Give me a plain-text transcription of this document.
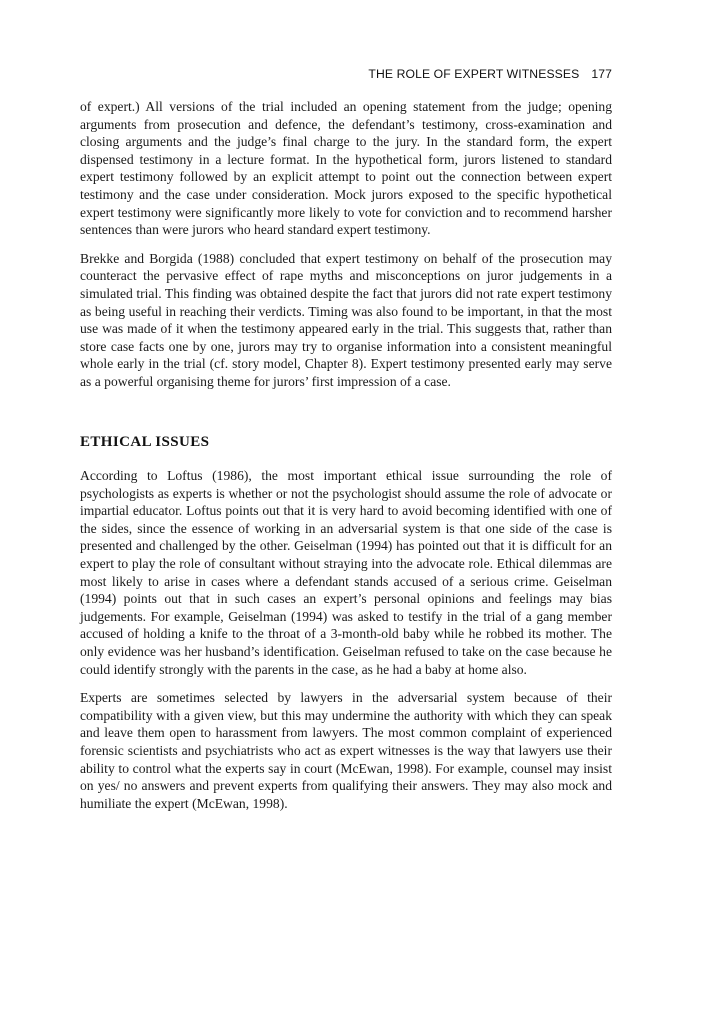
THE ROLE OF EXPERT WITNESSES 177

of expert.) All versions of the trial included an opening statement from the judge; opening arguments from prosecution and defence, the defendant’s testimony, cross-examination and closing arguments and the judge’s final charge to the jury. In the standard form, the expert dispensed testimony in a lecture format. In the hypothetical form, jurors listened to standard expert testimony followed by an explicit attempt to point out the connection between expert testimony and the case under consideration. Mock jurors exposed to the specific hypothetical expert testimony were significantly more likely to vote for conviction and to recommend harsher sentences than were jurors who heard standard expert testimony.

Brekke and Borgida (1988) concluded that expert testimony on behalf of the prosecution may counteract the pervasive effect of rape myths and misconceptions on juror judgements in a simulated trial. This finding was obtained despite the fact that jurors did not rate expert testimony as being useful in reaching their verdicts. Timing was also found to be important, in that the most use was made of it when the testimony appeared early in the trial. This suggests that, rather than store case facts one by one, jurors may try to organise information into a consistent meaningful whole early in the trial (cf. story model, Chapter 8). Expert testimony presented early may serve as a powerful organising theme for jurors’ first impression of a case.

ETHICAL ISSUES

According to Loftus (1986), the most important ethical issue surrounding the role of psychologists as experts is whether or not the psychologist should assume the role of advocate or impartial educator. Loftus points out that it is very hard to avoid becoming identified with one of the sides, since the essence of working in an adversarial system is that one side of the case is presented and challenged by the other. Geiselman (1994) has pointed out that it is difficult for an expert to play the role of consultant without straying into the advocate role. Ethical dilemmas are most likely to arise in cases where a defendant stands accused of a serious crime. Geiselman (1994) points out that in such cases an expert’s personal opinions and feelings may bias judgements. For example, Geiselman (1994) was asked to testify in the trial of a gang member accused of holding a knife to the throat of a 3-month-old baby while he robbed its mother. The only evidence was her husband’s identification. Geiselman refused to take on the case because he could identify strongly with the parents in the case, as he had a baby at home also.

Experts are sometimes selected by lawyers in the adversarial system because of their compatibility with a given view, but this may undermine the authority with which they can speak and leave them open to harassment from lawyers. The most common complaint of experienced forensic scientists and psychiatrists who act as expert witnesses is the way that lawyers use their ability to control what the experts say in court (McEwan, 1998). For example, counsel may insist on yes/ no answers and prevent experts from qualifying their answers. They may also mock and humiliate the expert (McEwan, 1998).
